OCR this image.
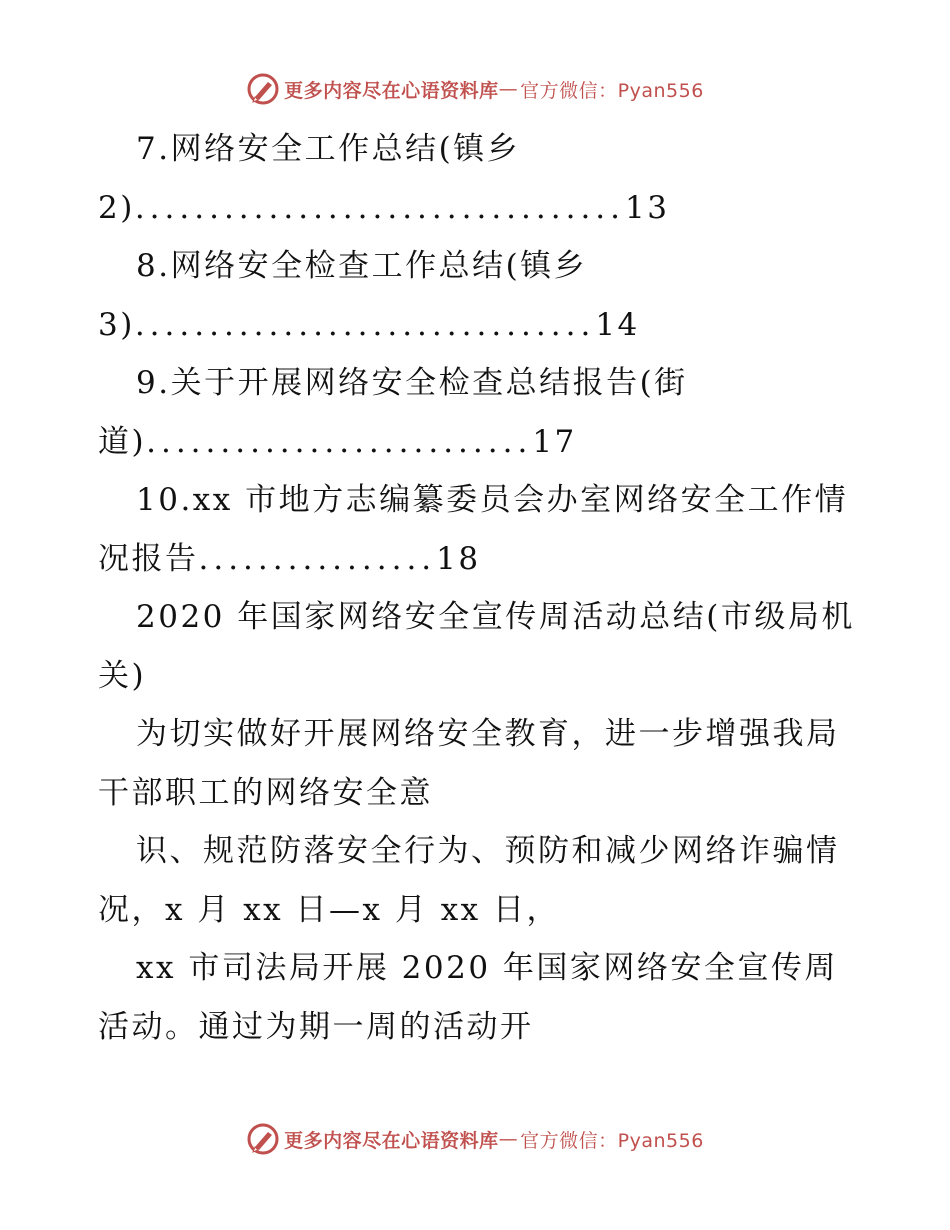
更多内容尽在心语资料库 — 官方微信：Pyan556
7.网络安全工作总结(镇乡
2) ................................. 13
8.网络安全检查工作总结(镇乡
3) ............................... 14
9.关于开展网络安全检查总结报告(街
道) .......................... 17
10.xx 市地方志编纂委员会办室网络安全工作情
况报告 ................ 18
2020 年国家网络安全宣传周活动总结(市级局机
关)
为切实做好开展网络安全教育，进一步增强我局
干部职工的网络安全意
识、规范防落安全行为、预防和减少网络诈骗情
况，x 月 xx 日—x 月 xx 日，
xx 市司法局开展 2020 年国家网络安全宣传周
活动。通过为期一周的活动开
更多内容尽在心语资料库 — 官方微信：Pyan556
